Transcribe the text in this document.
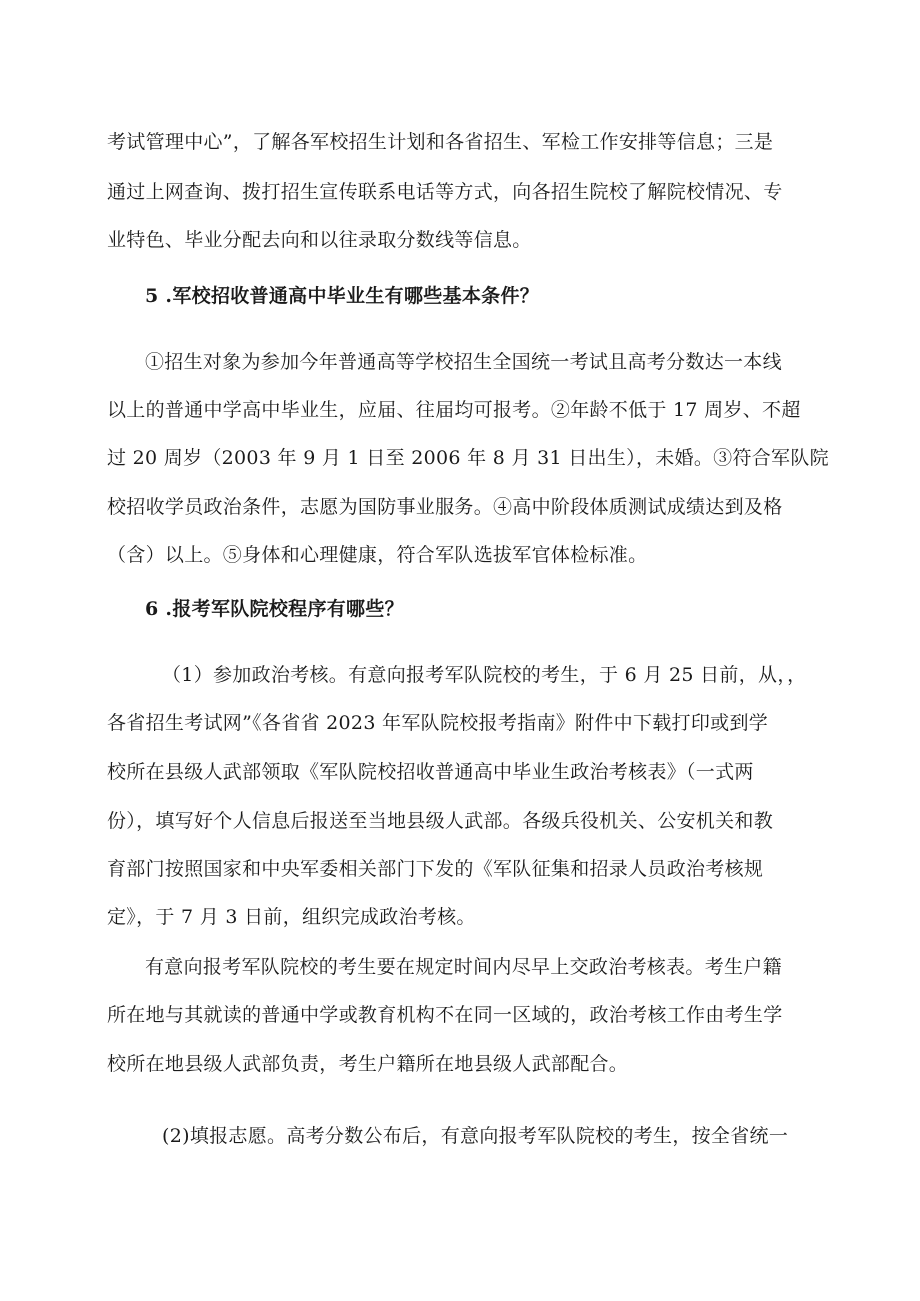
考试管理中心”，了解各军校招生计划和各省招生、军检工作安排等信息；三是
通过上网查询、拨打招生宣传联系电话等方式，向各招生院校了解院校情况、专
业特色、毕业分配去向和以往录取分数线等信息。
5 .军校招收普通高中毕业生有哪些基本条件？
①招生对象为参加今年普通高等学校招生全国统一考试且高考分数达一本线
以上的普通中学高中毕业生，应届、往届均可报考。②年龄不低于 17 周岁、不超
过 20 周岁（2003 年 9 月 1 日至 2006 年 8 月 31 日出生），未婚。③符合军队院
校招收学员政治条件，志愿为国防事业服务。④高中阶段体质测试成绩达到及格
（含）以上。⑤身体和心理健康，符合军队选拔军官体检标准。
6 .报考军队院校程序有哪些？
（1）参加政治考核。有意向报考军队院校的考生，于 6 月 25 日前，从，，
各省招生考试网”《各省省 2023 年军队院校报考指南》附件中下载打印或到学
校所在县级人武部领取《军队院校招收普通高中毕业生政治考核表》（一式两
份），填写好个人信息后报送至当地县级人武部。各级兵役机关、公安机关和教
育部门按照国家和中央军委相关部门下发的《军队征集和招录人员政治考核规
定》，于 7 月 3 日前，组织完成政治考核。
有意向报考军队院校的考生要在规定时间内尽早上交政治考核表。考生户籍
所在地与其就读的普通中学或教育机构不在同一区域的，政治考核工作由考生学
校所在地县级人武部负责，考生户籍所在地县级人武部配合。
(2)填报志愿。高考分数公布后，有意向报考军队院校的考生，按全省统一
